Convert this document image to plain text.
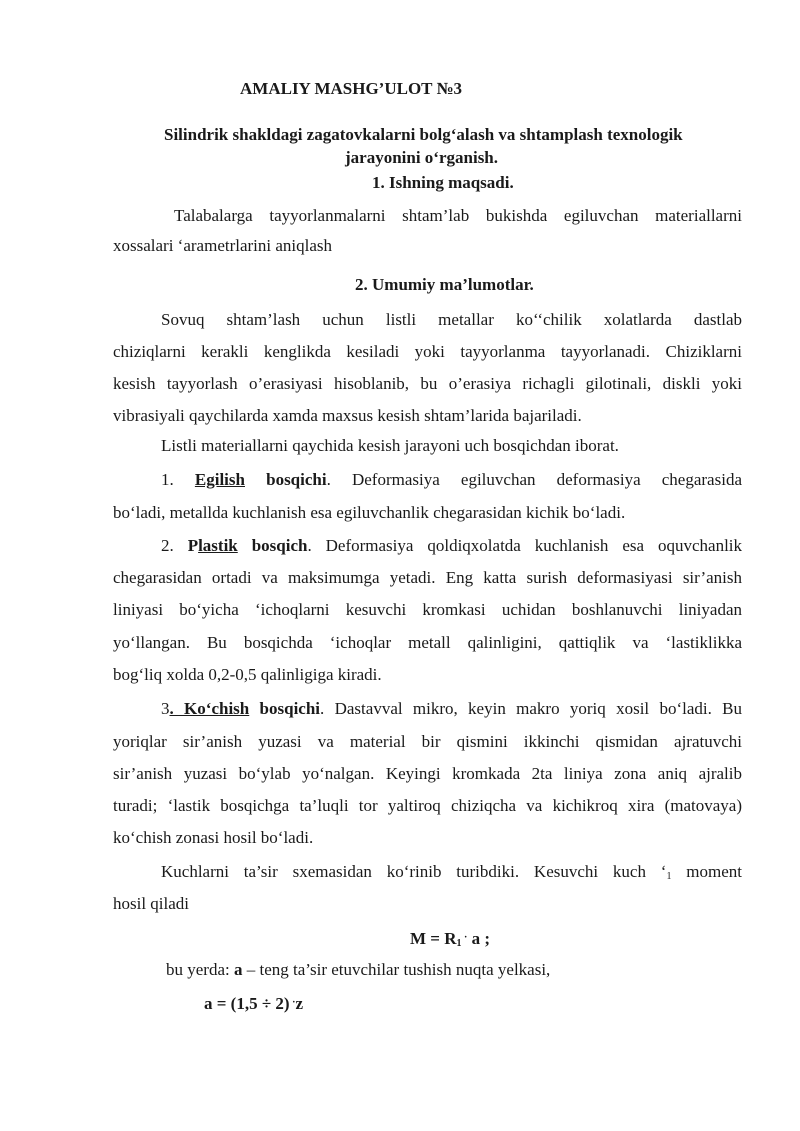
AMALIY MASHG’ULOT №3
Silindrik shakldagi zagatovkalarni bolg‘alash va shtamplash texnologik
jarayonini o‘rganish.
1. Ishning maqsadi.
Talabalarga tayyorlanmalarni shtam’lab bukishda egiluvchan materiallarni
xossalari ‘arametrlarini aniqlash
2. Umumiy ma’lumotlar.
Sovuq shtam’lash uchun listli metallar ko‘‘chilik xolatlarda dastlab
chiziqlarni kerakli kenglikda kesiladi yoki tayyorlanma tayyorlanadi. Chiziklarni
kesish tayyorlash o’erasiyasi hisoblanib, bu o’erasiya richagli gilotinali, diskli yoki
vibrasiyali qaychilarda xamda maxsus kesish shtam’larida bajariladi.
Listli materiallarni qaychida kesish jarayoni uch bosqichdan iborat.
1. Egilish bosqichi. Deformasiya egiluvchan deformasiya chegarasida
bo‘ladi, metallda kuchlanish esa egiluvchanlik chegarasidan kichik bo‘ladi.
2. Plastik bosqich. Deformasiya qoldiqxolatda kuchlanish esa oquvchanlik
chegarasidan ortadi va maksimumga yetadi. Eng katta surish deformasiyasi sir’anish
liniyasi bo‘yicha ‘ichoqlarni kesuvchi kromkasi uchidan boshlanuvchi liniyadan
yo‘llangan. Bu bosqichda ‘ichoqlar metall qalinligini, qattiqlik va ‘lastiklikka
bog‘liq xolda 0,2-0,5 qalinligiga kiradi.
3. Ko‘chish bosqichi. Dastavval mikro, keyin makro yoriq xosil bo‘ladi. Bu
yoriqlar sir’anish yuzasi va material bir qismini ikkinchi qismidan ajratuvchi
sir’anish yuzasi bo‘ylab yo‘nalgan. Keyingi kromkada 2ta liniya zona aniq ajralib
turadi; ‘lastik bosqichga ta’luqli tor yaltiroq chiziqcha va kichikroq xira (matovaya)
ko‘chish zonasi hosil bo‘ladi.
Kuchlarni ta’sir sxemasidan ko‘rinib turibdiki. Kesuvchi kuch ‘$_1$ moment
hosil qiladi
$M = R_1$ · a ;
bu yerda: a – teng ta’sir etuvchilar tushish nuqta yelkasi,
a = (1,5 ÷ 2) ·z
